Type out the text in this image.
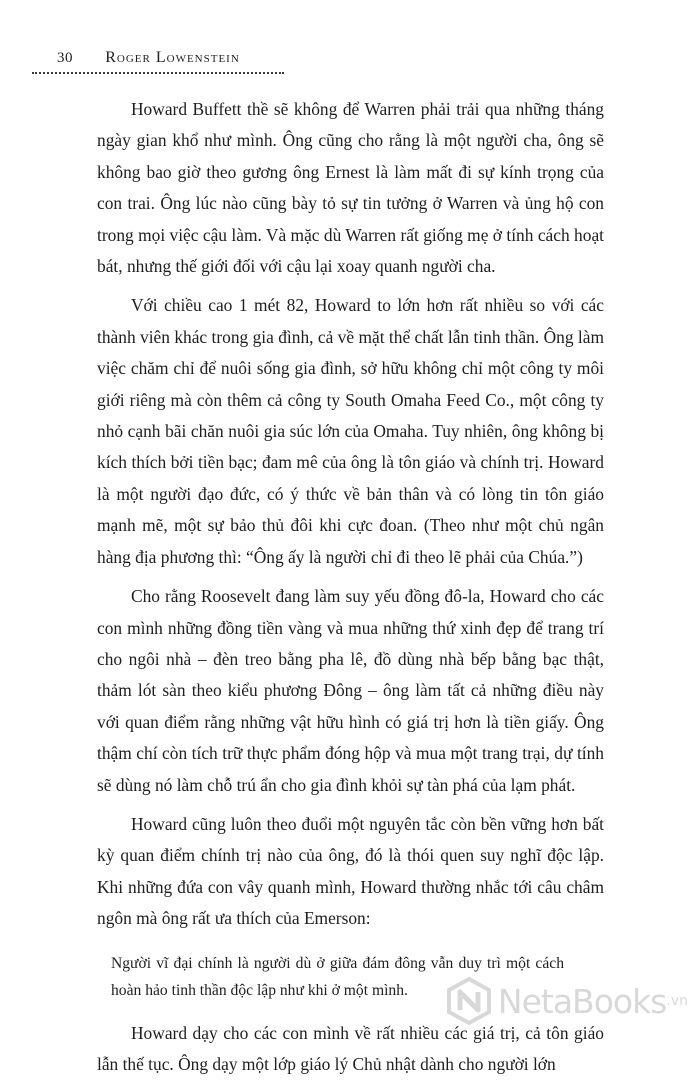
30 Roger Lowenstein

Howard Buffett thề sẽ không để Warren phải trải qua những tháng ngày gian khổ như mình. Ông cũng cho rằng là một người cha, ông sẽ không bao giờ theo gương ông Ernest là làm mất đi sự kính trọng của con trai. Ông lúc nào cũng bày tỏ sự tin tưởng ở Warren và ủng hộ con trong mọi việc cậu làm. Và mặc dù Warren rất giống mẹ ở tính cách hoạt bát, nhưng thế giới đối với cậu lại xoay quanh người cha.

Với chiều cao 1 mét 82, Howard to lớn hơn rất nhiều so với các thành viên khác trong gia đình, cả về mặt thể chất lẫn tinh thần. Ông làm việc chăm chỉ để nuôi sống gia đình, sở hữu không chỉ một công ty môi giới riêng mà còn thêm cả công ty South Omaha Feed Co., một công ty nhỏ cạnh bãi chăn nuôi gia súc lớn của Omaha. Tuy nhiên, ông không bị kích thích bởi tiền bạc; đam mê của ông là tôn giáo và chính trị. Howard là một người đạo đức, có ý thức về bản thân và có lòng tin tôn giáo mạnh mẽ, một sự bảo thủ đôi khi cực đoan. (Theo như một chủ ngân hàng địa phương thì: “Ông ấy là người chỉ đi theo lẽ phải của Chúa.”)

Cho rằng Roosevelt đang làm suy yếu đồng đô-la, Howard cho các con mình những đồng tiền vàng và mua những thứ xinh đẹp để trang trí cho ngôi nhà – đèn treo bằng pha lê, đồ dùng nhà bếp bằng bạc thật, thảm lót sàn theo kiểu phương Đông – ông làm tất cả những điều này với quan điểm rằng những vật hữu hình có giá trị hơn là tiền giấy. Ông thậm chí còn tích trữ thực phẩm đóng hộp và mua một trang trại, dự tính sẽ dùng nó làm chỗ trú ẩn cho gia đình khỏi sự tàn phá của lạm phát.

Howard cũng luôn theo đuổi một nguyên tắc còn bền vững hơn bất kỳ quan điểm chính trị nào của ông, đó là thói quen suy nghĩ độc lập. Khi những đứa con vây quanh mình, Howard thường nhắc tới câu châm ngôn mà ông rất ưa thích của Emerson:

Người vĩ đại chính là người dù ở giữa đám đông vẫn duy trì một cách hoàn hảo tinh thần độc lập như khi ở một mình.

Howard dạy cho các con mình về rất nhiều các giá trị, cả tôn giáo lẫn thế tục. Ông dạy một lớp giáo lý Chủ nhật dành cho người lớn

NetaBooks .vn
